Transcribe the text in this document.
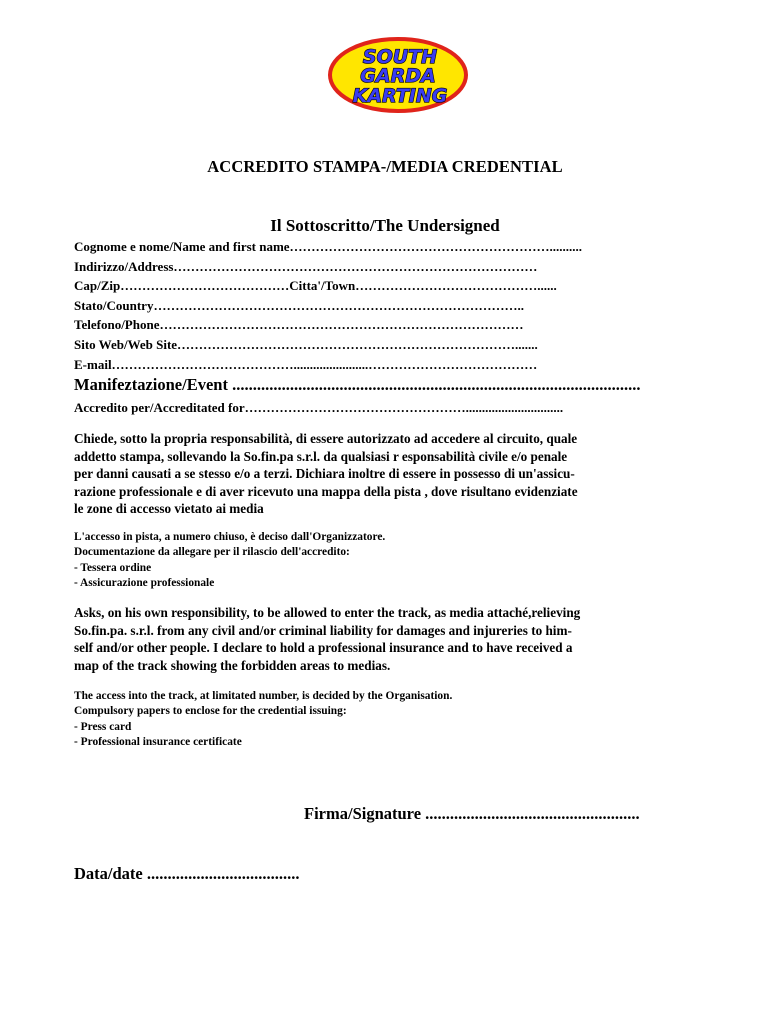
SOUTH
GARDA
KARTING
ACCREDITO STAMPA-/MEDIA CREDENTIAL
Il Sottoscritto/The Undersigned
Cognome e nome/Name and first name……………………………………………………..........
Indirizzo/Address…………………………………………………………………………
Cap/Zip…………………………………Citta'/Town……………………………………......
Stato/Country…………………………………………………………………………..
Telefono/Phone…………………………………………………………………………
Sito Web/Web Site…………………………………………………………………….......
E-mail…………………………………….......................…………………………………
Manifeztazione/Event ...................................................................................................
Accredito per/Accreditated for……………………………………………..............................
Chiede, sotto la propria responsabilità, di essere autorizzato ad accedere al circuito, quale
addetto stampa, sollevando la So.fin.pa s.r.l. da qualsiasi r esponsabilità civile e/o penale
per danni causati a se stesso e/o a terzi. Dichiara inoltre di essere in possesso di un'assicu-
razione professionale e di aver ricevuto una mappa della pista , dove risultano evidenziate
le zone di accesso vietato ai media
L'accesso in pista, a numero chiuso, è deciso dall'Organizzatore.
Documentazione da allegare per il rilascio dell'accredito:
- Tessera ordine
- Assicurazione professionale
Asks, on his own responsibility, to be allowed to enter the track, as media attaché,relieving
So.fin.pa. s.r.l. from any civil and/or criminal liability for damages and injureries to him-
self and/or other people. I declare to hold a professional insurance and to have received a
map of the track showing the forbidden areas to medias.
The access into the track, at limitated number, is decided by the Organisation.
Compulsory papers to enclose for the credential issuing:
- Press card
- Professional insurance certificate
Firma/Signature ....................................................
Data/date .....................................
